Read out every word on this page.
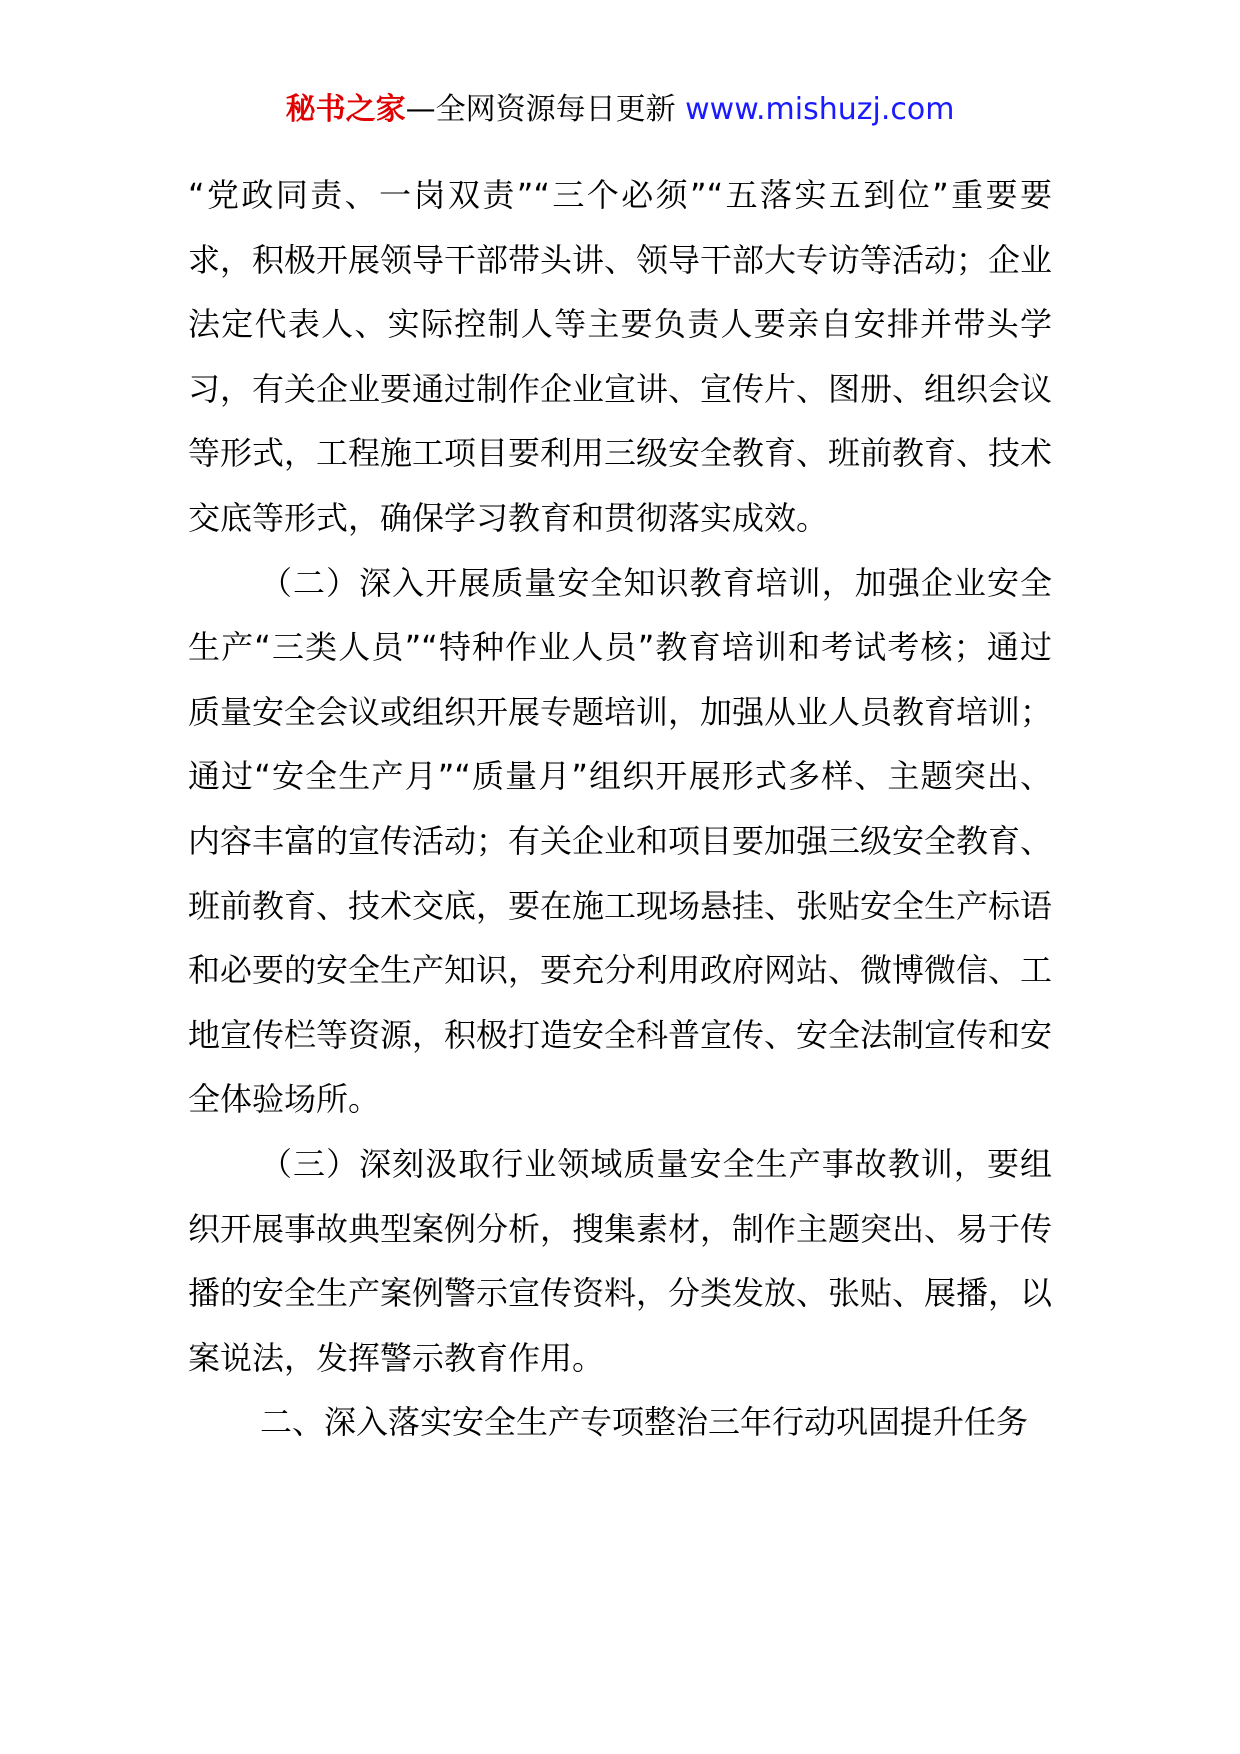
秘书之家—全网资源每日更新 www.mishuzj.com

“党政同责、一岗双责”“三个必须”“五落实五到位”重要要求，积极开展领导干部带头讲、领导干部大专访等活动；企业法定代表人、实际控制人等主要负责人要亲自安排并带头学习，有关企业要通过制作企业宣讲、宣传片、图册、组织会议等形式，工程施工项目要利用三级安全教育、班前教育、技术交底等形式，确保学习教育和贯彻落实成效。

（二）深入开展质量安全知识教育培训，加强企业安全生产“三类人员”“特种作业人员”教育培训和考试考核；通过质量安全会议或组织开展专题培训，加强从业人员教育培训；通过“安全生产月”“质量月”组织开展形式多样、主题突出、内容丰富的宣传活动；有关企业和项目要加强三级安全教育、班前教育、技术交底，要在施工现场悬挂、张贴安全生产标语和必要的安全生产知识，要充分利用政府网站、微博微信、工地宣传栏等资源，积极打造安全科普宣传、安全法制宣传和安全体验场所。

（三）深刻汲取行业领域质量安全生产事故教训，要组织开展事故典型案例分析，搜集素材，制作主题突出、易于传播的安全生产案例警示宣传资料，分类发放、张贴、展播，以案说法，发挥警示教育作用。

二、深入落实安全生产专项整治三年行动巩固提升任务
